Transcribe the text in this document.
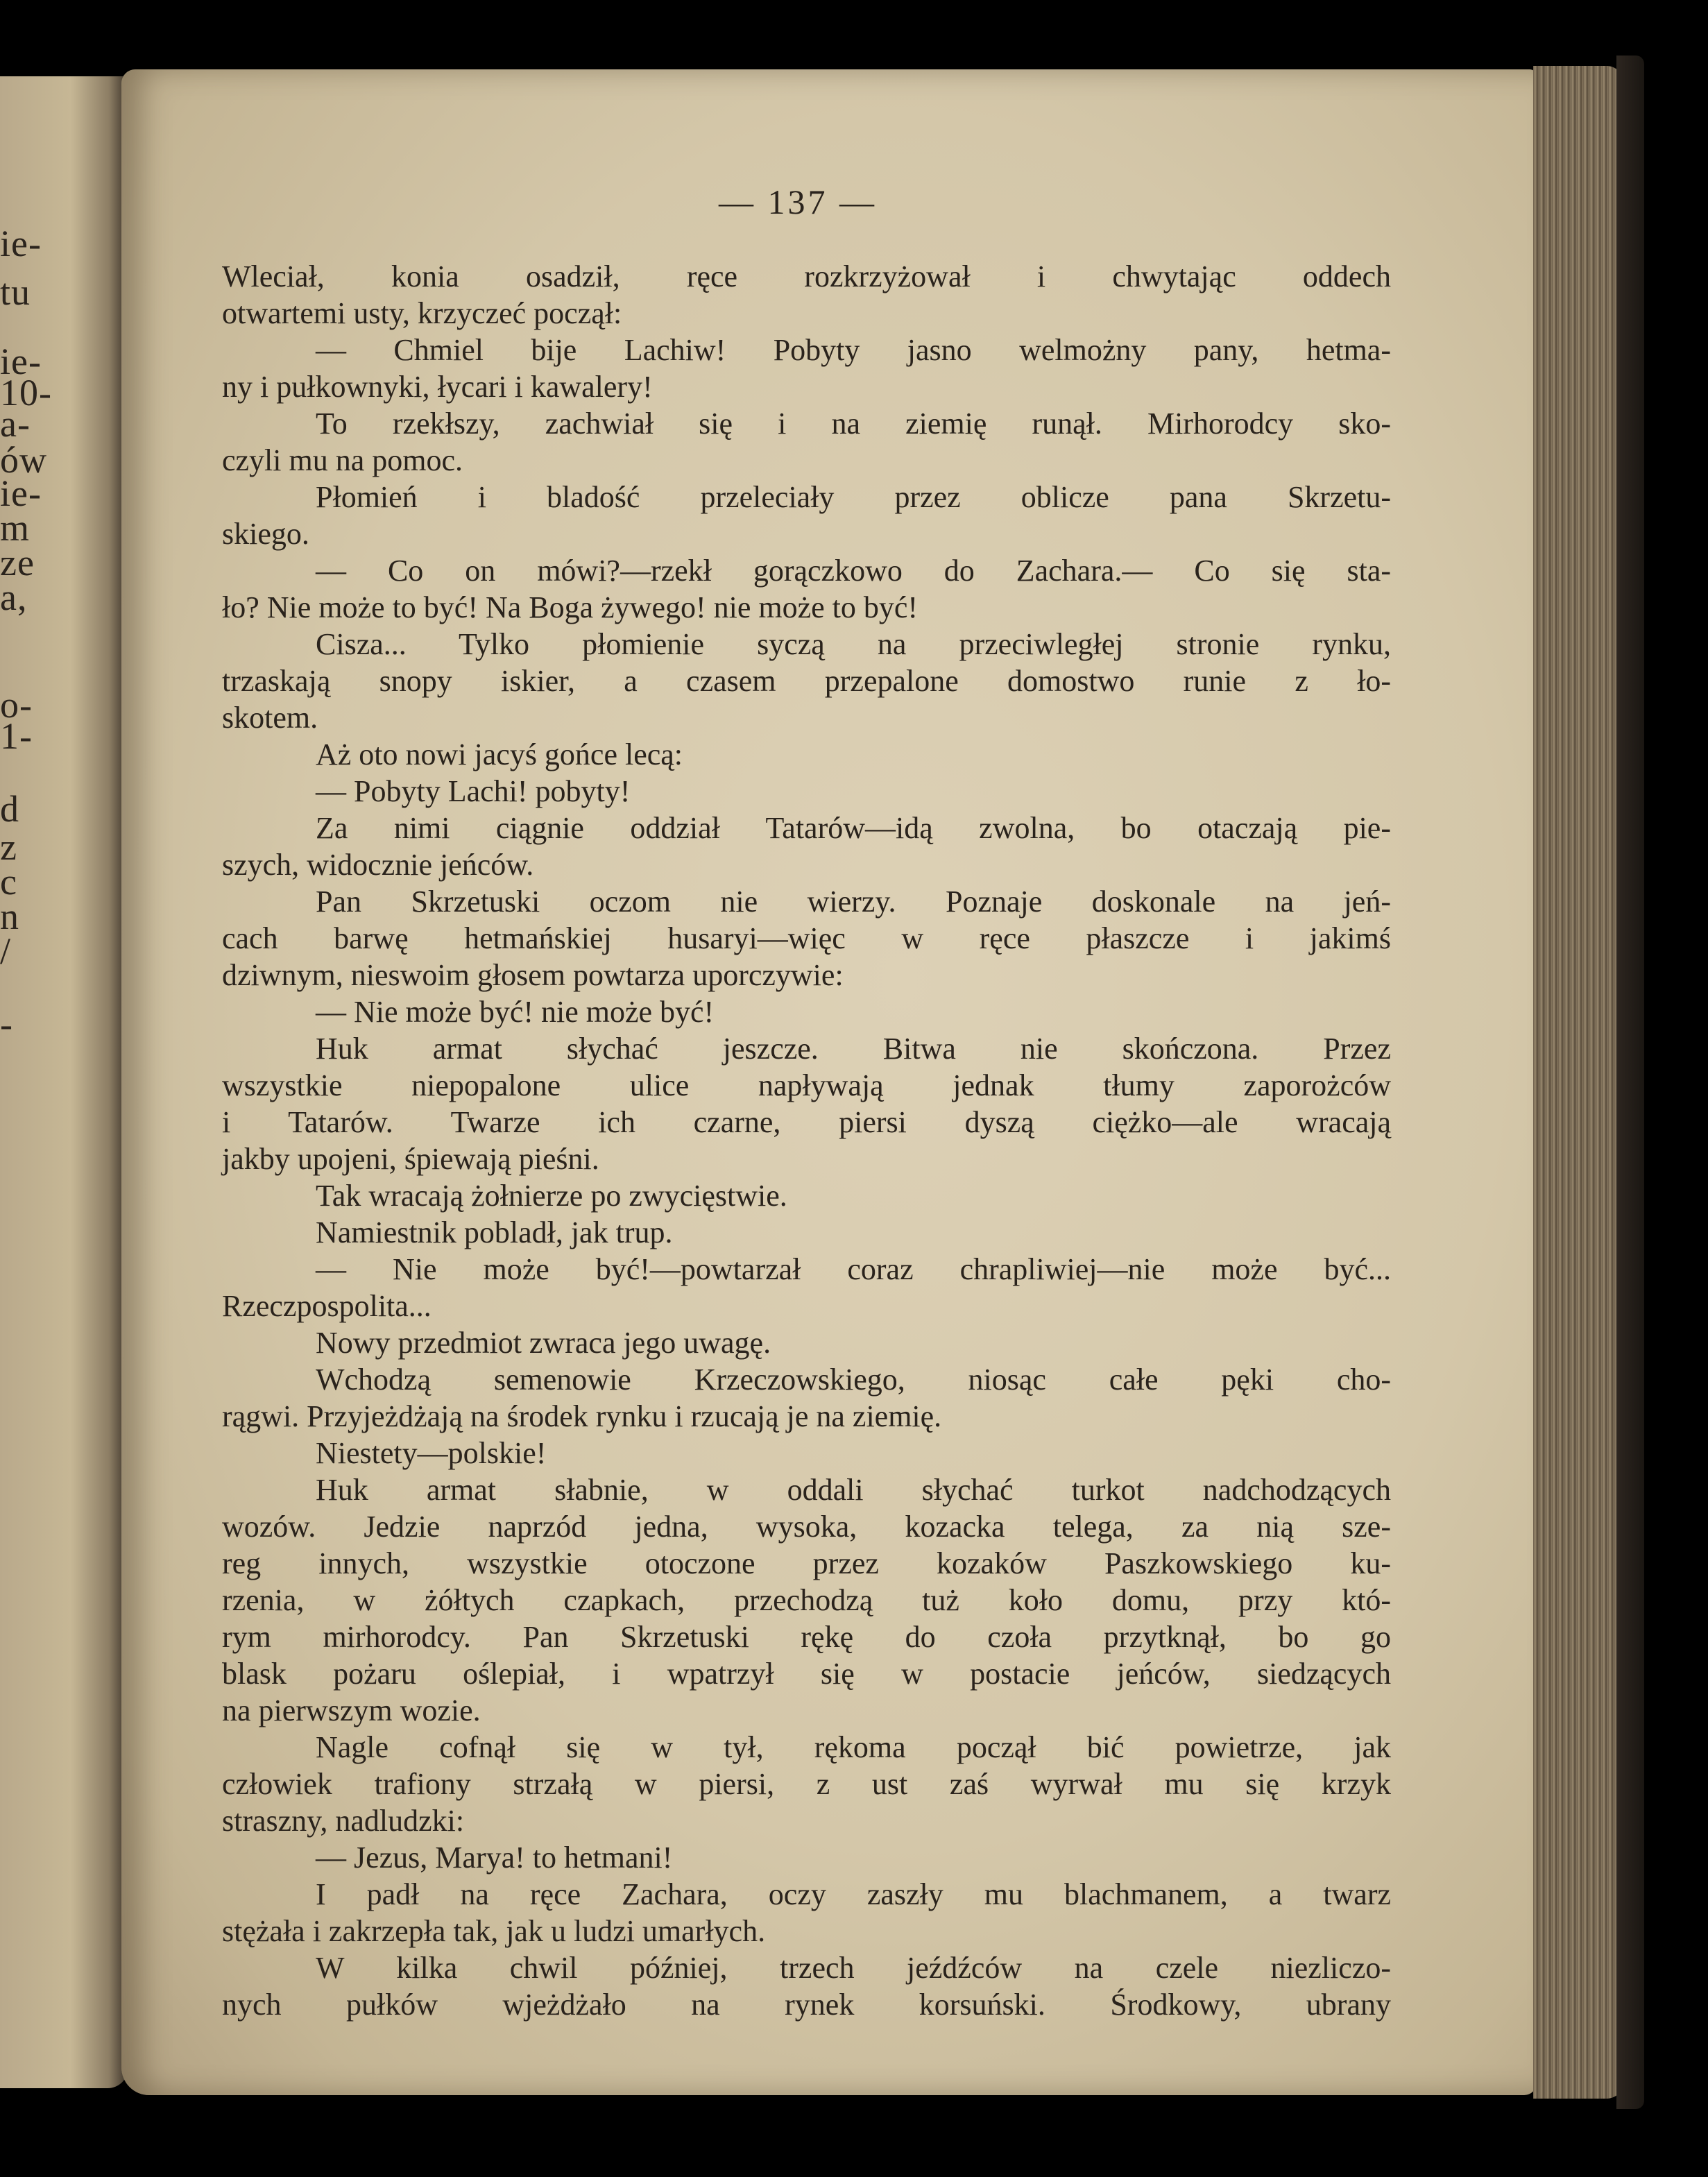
ie-
tu
ie-
10-
a-
ów
ie-
m
ze
a,
o-
1-
d
z
c
n
/
-
— 137 —
Wleciał, konia osadził, ręce rozkrzyżował i chwytając oddech
otwartemi usty, krzyczeć począł:
— Chmiel bije Lachiw! Pobyty jasno welmożny pany, hetma-
ny i pułkownyki, łycari i kawalery!
To rzekłszy, zachwiał się i na ziemię runął. Mirhorodcy sko-
czyli mu na pomoc.
Płomień i bladość przeleciały przez oblicze pana Skrzetu-
skiego.
— Co on mówi?—rzekł gorączkowo do Zachara.— Co się sta-
ło? Nie może to być! Na Boga żywego! nie może to być!
Cisza... Tylko płomienie syczą na przeciwległej stronie rynku,
trzaskają snopy iskier, a czasem przepalone domostwo runie z ło-
skotem.
Aż oto nowi jacyś gońce lecą:
— Pobyty Lachi! pobyty!
Za nimi ciągnie oddział Tatarów—idą zwolna, bo otaczają pie-
szych, widocznie jeńców.
Pan Skrzetuski oczom nie wierzy. Poznaje doskonale na jeń-
cach barwę hetmańskiej husaryi—więc w ręce płaszcze i jakimś
dziwnym, nieswoim głosem powtarza uporczywie:
— Nie może być! nie może być!
Huk armat słychać jeszcze. Bitwa nie skończona. Przez
wszystkie niepopalone ulice napływają jednak tłumy zaporożców
i Tatarów. Twarze ich czarne, piersi dyszą ciężko—ale wracają
jakby upojeni, śpiewają pieśni.
Tak wracają żołnierze po zwycięstwie.
Namiestnik pobladł, jak trup.
— Nie może być!—powtarzał coraz chrapliwiej—nie może być...
Rzeczpospolita...
Nowy przedmiot zwraca jego uwagę.
Wchodzą semenowie Krzeczowskiego, niosąc całe pęki cho-
rągwi. Przyjeżdżają na środek rynku i rzucają je na ziemię.
Niestety—polskie!
Huk armat słabnie, w oddali słychać turkot nadchodzących
wozów. Jedzie naprzód jedna, wysoka, kozacka telega, za nią sze-
reg innych, wszystkie otoczone przez kozaków Paszkowskiego ku-
rzenia, w żółtych czapkach, przechodzą tuż koło domu, przy któ-
rym mirhorodcy. Pan Skrzetuski rękę do czoła przytknął, bo go
blask pożaru oślepiał, i wpatrzył się w postacie jeńców, siedzących
na pierwszym wozie.
Nagle cofnął się w tył, rękoma począł bić powietrze, jak
człowiek trafiony strzałą w piersi, z ust zaś wyrwał mu się krzyk
straszny, nadludzki:
— Jezus, Marya! to hetmani!
I padł na ręce Zachara, oczy zaszły mu blachmanem, a twarz
stężała i zakrzepła tak, jak u ludzi umarłych.
W kilka chwil później, trzech jeźdźców na czele niezliczo-
nych pułków wjeżdżało na rynek korsuński. Środkowy, ubrany
